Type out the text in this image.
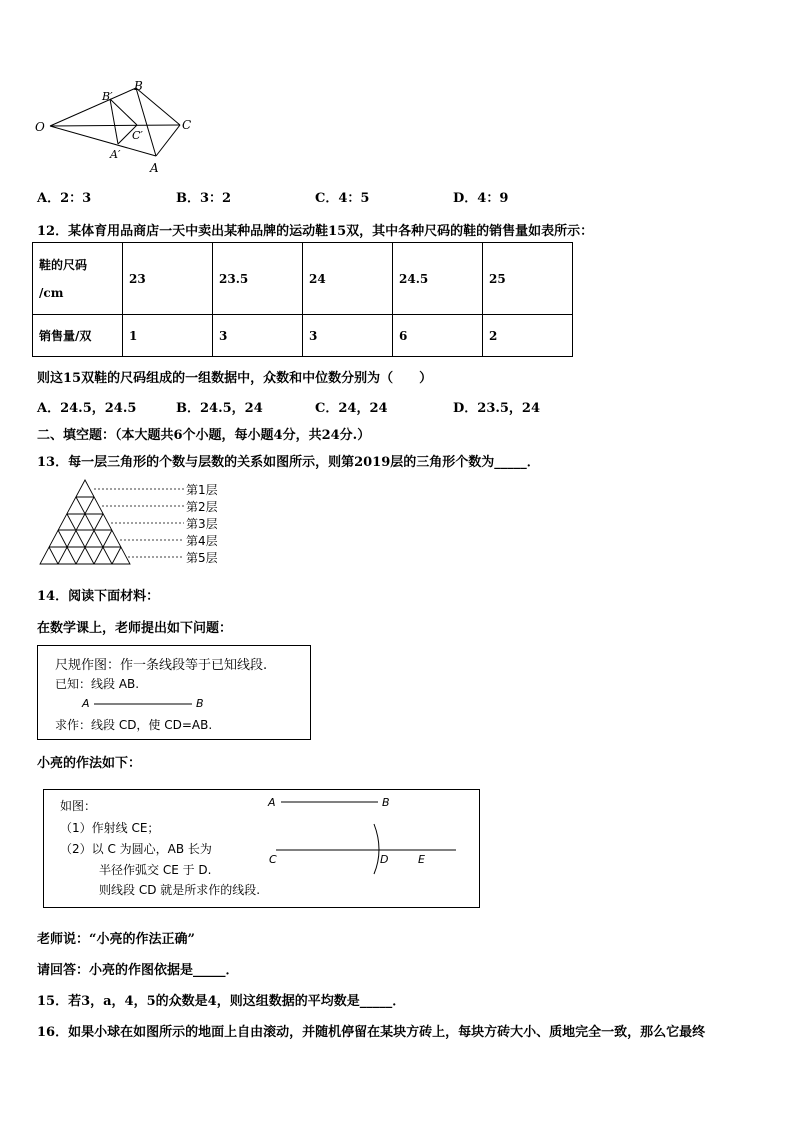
O
B
B′
C
C′
A′
A
A．2：3	B．3：2	C．4：5	D．4：9
12．某体育用品商店一天中卖出某种品牌的运动鞋15双，其中各种尺码的鞋的销售量如表所示：
鞋的尺码
/cm	23	23.5	24	24.5	25
销售量/双	1	3	3	6	2
则这15双鞋的尺码组成的一组数据中，众数和中位数分别为（　　）
A．24.5，24.5	B．24.5，24	C．24，24	D．23.5，24
二、填空题：（本大题共6个小题，每小题4分，共24分.）
13．每一层三角形的个数与层数的关系如图所示，则第2019层的三角形个数为_____．
第1层
第2层
第3层
第4层
第5层
14．阅读下面材料：
在数学课上，老师提出如下问题：
尺规作图：作一条线段等于已知线段.
已知：线段 AB.
A	B
求作：线段 CD，使 CD=AB.
小亮的作法如下：
如图：
（1）作射线 CE；
（2）以 C 为圆心，AB 长为
半径作弧交 CE 于 D.
则线段 CD 就是所求作的线段.
A	B
C	D	E
老师说：“小亮的作法正确”
请回答：小亮的作图依据是_____．
15．若3，a，4，5的众数是4，则这组数据的平均数是_____．
16．如果小球在如图所示的地面上自由滚动，并随机停留在某块方砖上，每块方砖大小、质地完全一致，那么它最终
